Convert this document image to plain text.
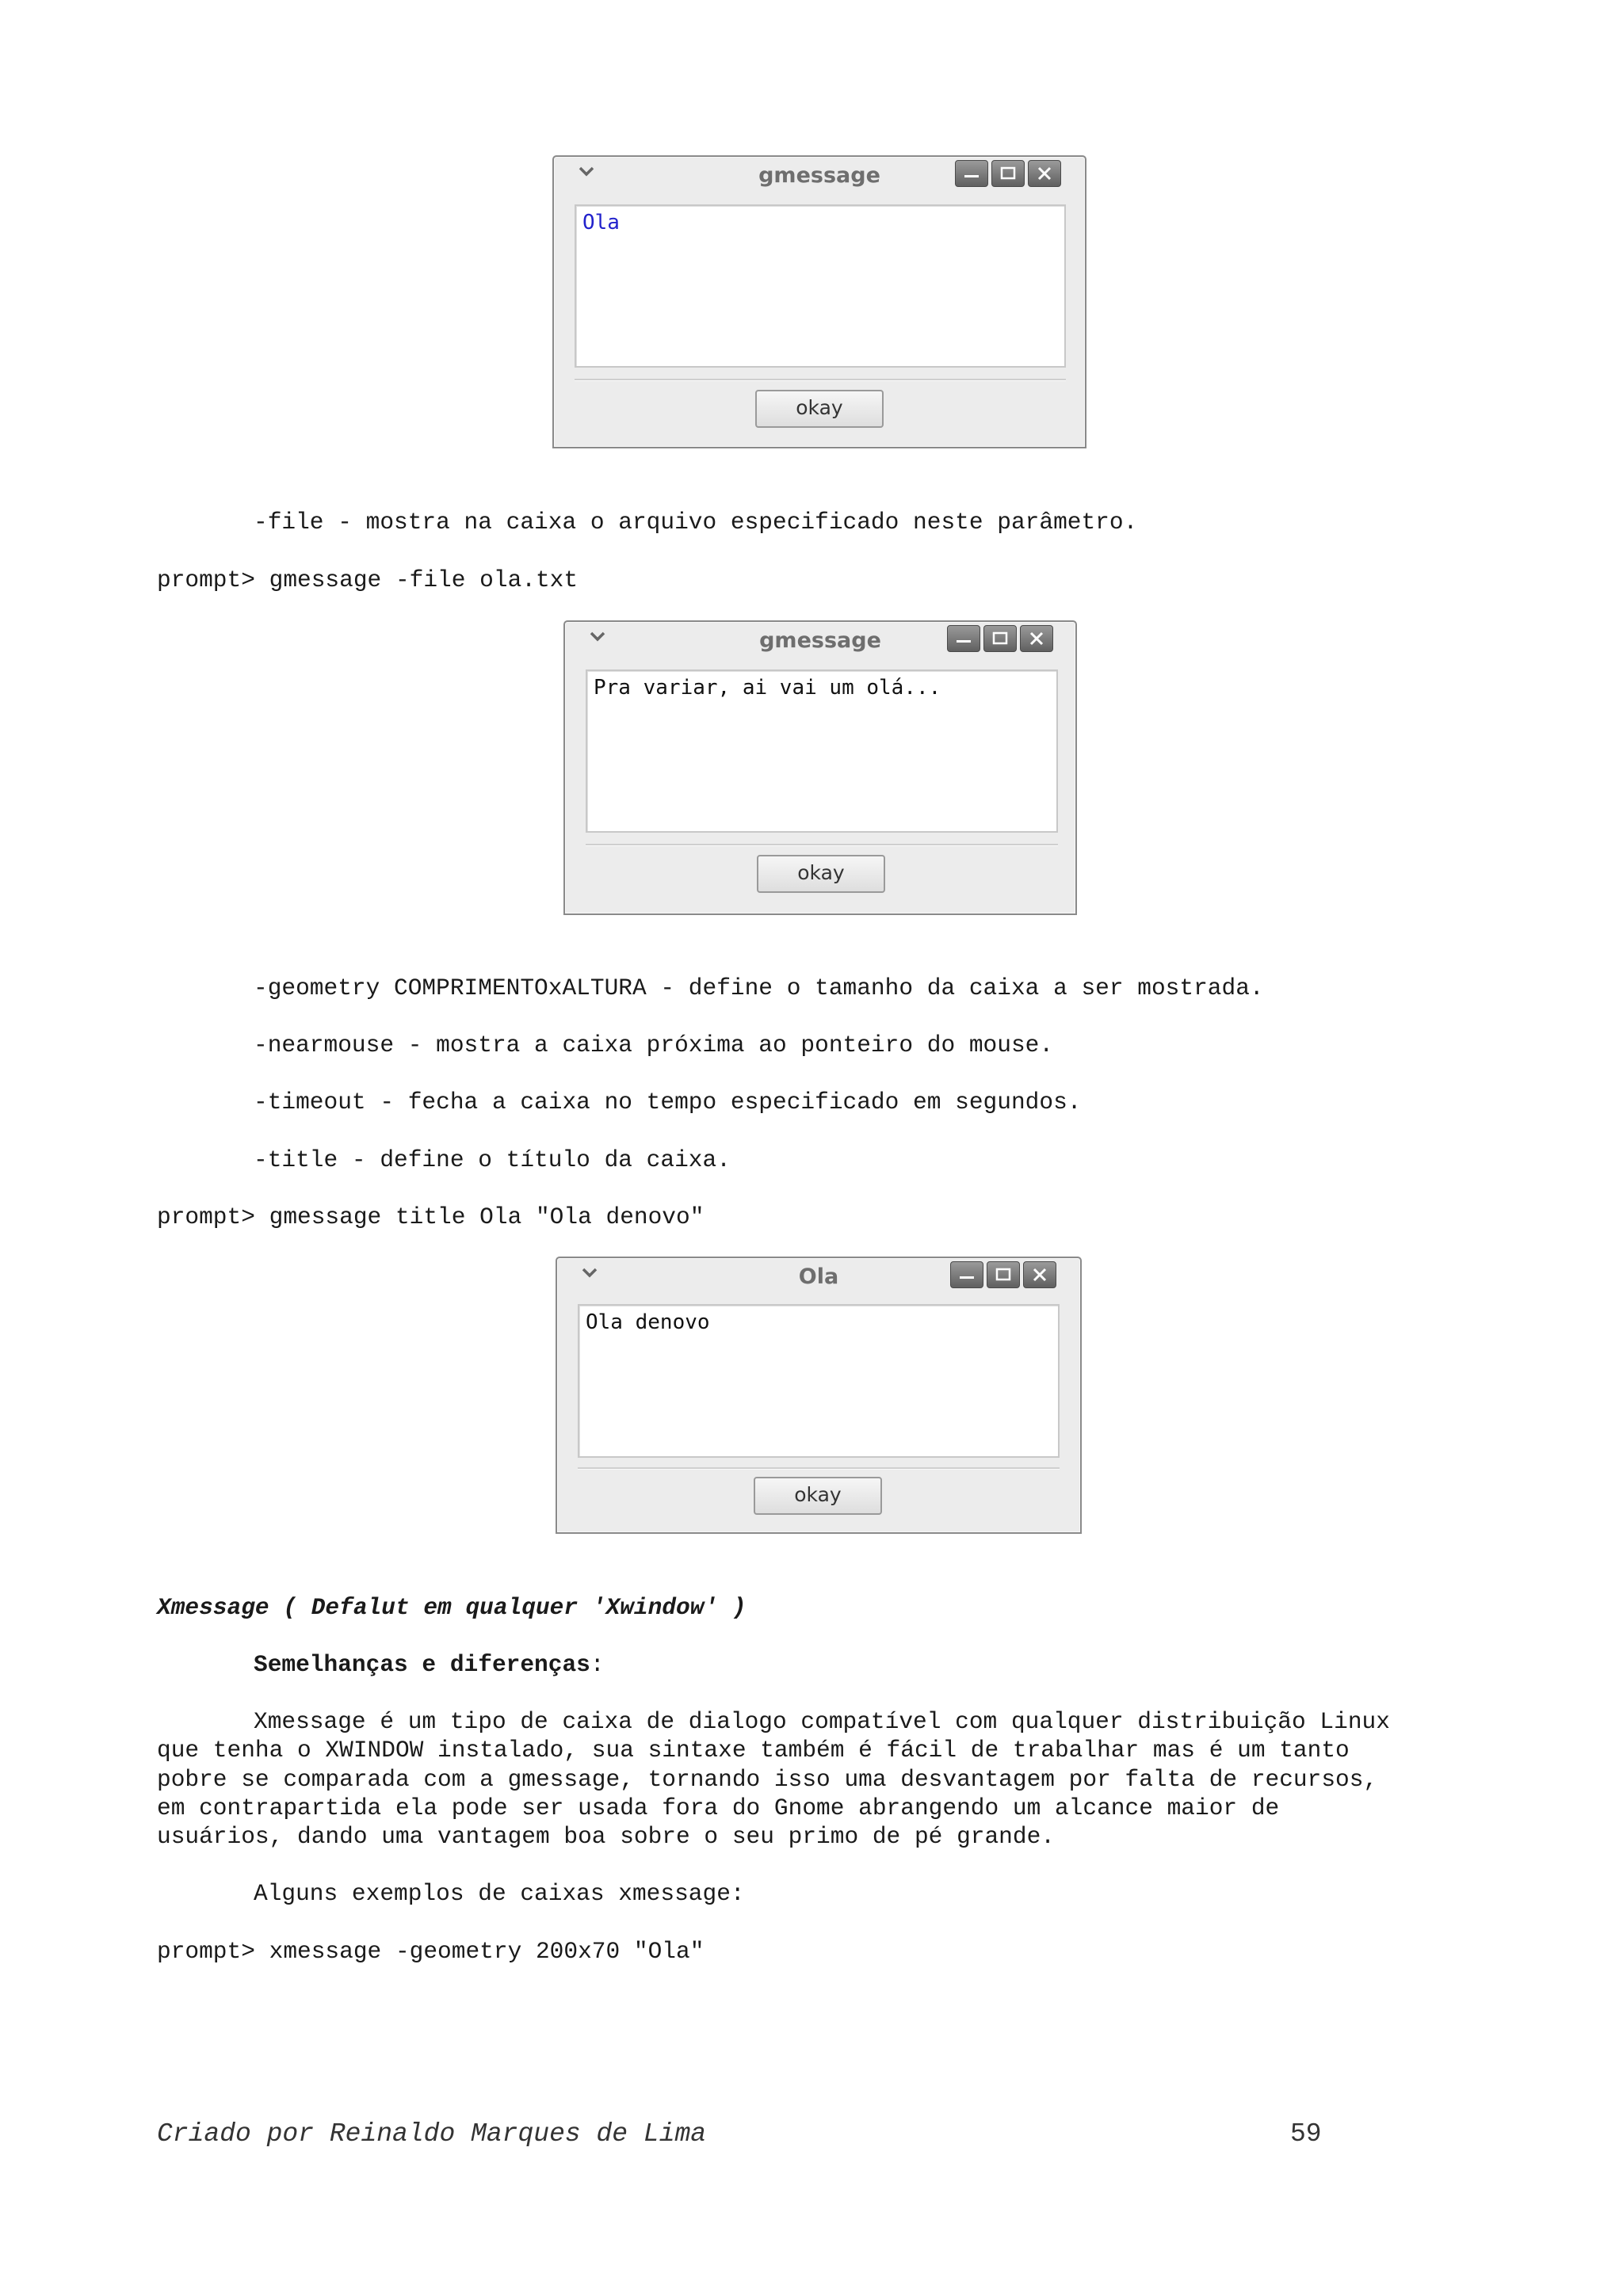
gmessage
Ola
okay
-file - mostra na caixa o arquivo especificado neste parâmetro.
prompt> gmessage -file ola.txt
gmessage
Pra variar, ai vai um olá...
okay
-geometry COMPRIMENTOxALTURA - define o tamanho da caixa a ser mostrada.
-nearmouse - mostra a caixa próxima ao ponteiro do mouse.
-timeout - fecha a caixa no tempo especificado em segundos.
-title - define o título da caixa.
prompt> gmessage title Ola "Ola denovo"
Ola
Ola denovo
okay
Xmessage ( Defalut em qualquer 'Xwindow' )
Semelhanças e diferenças:
Xmessage é um tipo de caixa de dialogo compatível com qualquer distribuição Linux
que tenha o XWINDOW instalado, sua sintaxe também é fácil de trabalhar mas é um tanto
pobre se comparada com a gmessage, tornando isso uma desvantagem por falta de recursos,
em contrapartida ela pode ser usada fora do Gnome abrangendo um alcance maior de
usuários, dando uma vantagem boa sobre o seu primo de pé grande.
Alguns exemplos de caixas xmessage:
prompt> xmessage -geometry 200x70 "Ola"
Criado por Reinaldo Marques de Lima	59
